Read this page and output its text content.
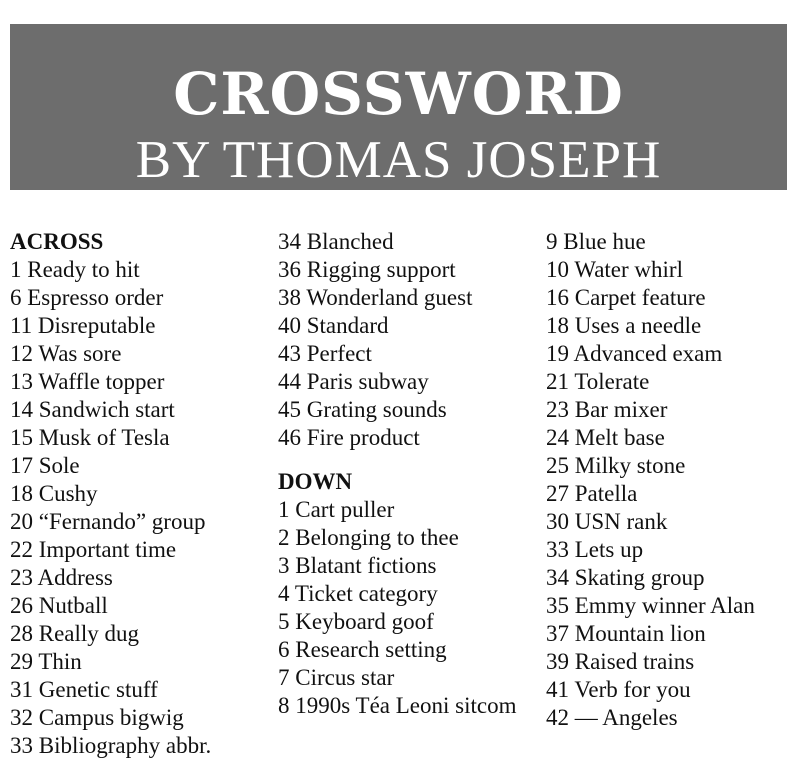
CROSSWORD
BY THOMAS JOSEPH
ACROSS
1 Ready to hit
6 Espresso order
11 Disreputable
12 Was sore
13 Waffle topper
14 Sandwich start
15 Musk of Tesla
17 Sole
18 Cushy
20 “Fernando” group
22 Important time
23 Address
26 Nutball
28 Really dug
29 Thin
31 Genetic stuff
32 Campus bigwig
33 Bibliography abbr.
34 Blanched
36 Rigging support
38 Wonderland guest
40 Standard
43 Perfect
44 Paris subway
45 Grating sounds
46 Fire product
DOWN
1 Cart puller
2 Belonging to thee
3 Blatant fictions
4 Ticket category
5 Keyboard goof
6 Research setting
7 Circus star
8 1990s Téa Leoni sitcom
9 Blue hue
10 Water whirl
16 Carpet feature
18 Uses a needle
19 Advanced exam
21 Tolerate
23 Bar mixer
24 Melt base
25 Milky stone
27 Patella
30 USN rank
33 Lets up
34 Skating group
35 Emmy winner Alan
37 Mountain lion
39 Raised trains
41 Verb for you
42 — Angeles
